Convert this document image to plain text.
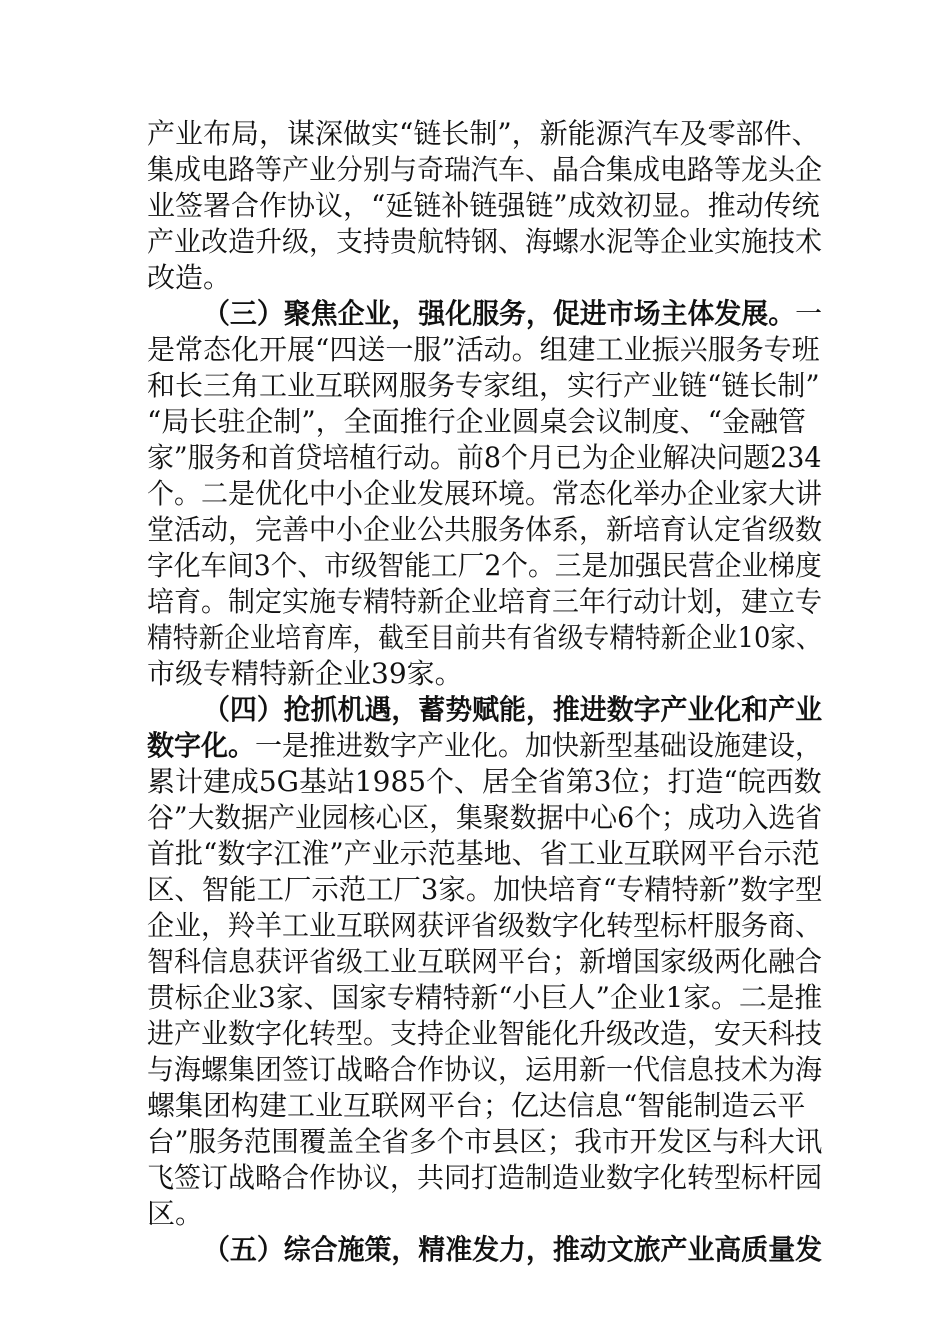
产业布局，谋深做实“链长制”，新能源汽车及零部件、
集成电路等产业分别与奇瑞汽车、晶合集成电路等龙头企
业签署合作协议，“延链补链强链”成效初显。推动传统
产业改造升级，支持贵航特钢、海螺水泥等企业实施技术
改造。
（三）聚焦企业，强化服务，促进市场主体发展。一
是常态化开展“四送一服”活动。组建工业振兴服务专班
和长三角工业互联网服务专家组，实行产业链“链长制”
“局长驻企制”，全面推行企业圆桌会议制度、“金融管
家”服务和首贷培植行动。前8个月已为企业解决问题234
个。二是优化中小企业发展环境。常态化举办企业家大讲
堂活动，完善中小企业公共服务体系，新培育认定省级数
字化车间3个、市级智能工厂2个。三是加强民营企业梯度
培育。制定实施专精特新企业培育三年行动计划，建立专
精特新企业培育库，截至目前共有省级专精特新企业10家、
市级专精特新企业39家。
（四）抢抓机遇，蓄势赋能，推进数字产业化和产业
数字化。一是推进数字产业化。加快新型基础设施建设，
累计建成5G基站1985个、居全省第3位；打造“皖西数
谷”大数据产业园核心区，集聚数据中心6个；成功入选省
首批“数字江淮”产业示范基地、省工业互联网平台示范
区、智能工厂示范工厂3家。加快培育“专精特新”数字型
企业，羚羊工业互联网获评省级数字化转型标杆服务商、
智科信息获评省级工业互联网平台；新增国家级两化融合
贯标企业3家、国家专精特新“小巨人”企业1家。二是推
进产业数字化转型。支持企业智能化升级改造，安天科技
与海螺集团签订战略合作协议，运用新一代信息技术为海
螺集团构建工业互联网平台；亿达信息“智能制造云平
台”服务范围覆盖全省多个市县区；我市开发区与科大讯
飞签订战略合作协议，共同打造制造业数字化转型标杆园
区。
（五）综合施策，精准发力，推动文旅产业高质量发
